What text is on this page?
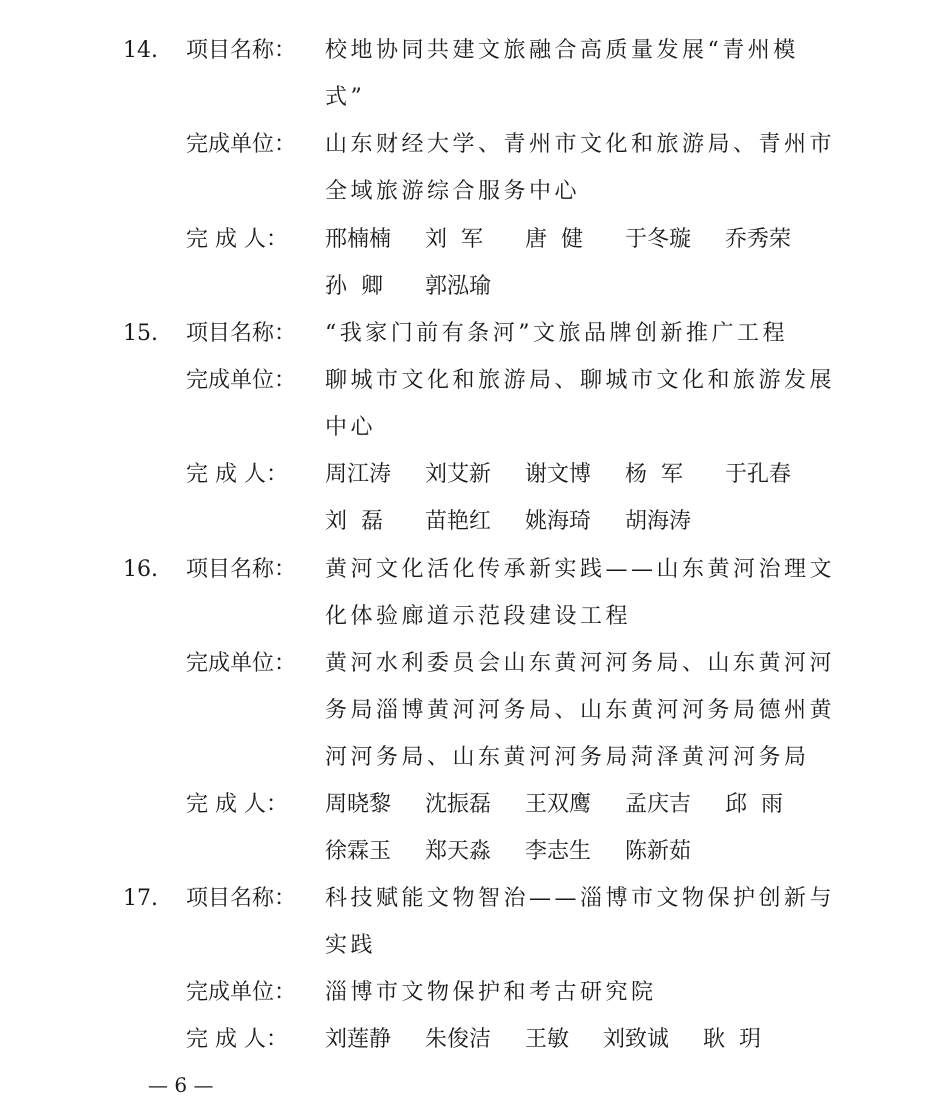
14. 项目名称： 校地协同共建文旅融合高质量发展“青州模
式”
完成单位： 山东财经大学、青州市文化和旅游局、青州市
全域旅游综合服务中心
完 成 人： 邢楠楠 刘  军 唐  健 于冬璇 乔秀荣
孙  卿 郭泓瑜
15. 项目名称： “我家门前有条河”文旅品牌创新推广工程
完成单位： 聊城市文化和旅游局、聊城市文化和旅游发展
中心
完 成 人： 周江涛 刘艾新 谢文博 杨  军 于孔春
刘  磊 苗艳红 姚海琦 胡海涛
16. 项目名称： 黄河文化活化传承新实践——山东黄河治理文
化体验廊道示范段建设工程
完成单位： 黄河水利委员会山东黄河河务局、山东黄河河
务局淄博黄河河务局、山东黄河河务局德州黄
河河务局、山东黄河河务局菏泽黄河河务局
完 成 人： 周晓黎 沈振磊 王双鹰 孟庆吉 邱  雨
徐霖玉 郑天淼 李志生 陈新茹
17. 项目名称： 科技赋能文物智治——淄博市文物保护创新与
实践
完成单位： 淄博市文物保护和考古研究院
完 成 人： 刘莲静 朱俊洁 王敏 刘致诚 耿  玥
— 6 —
